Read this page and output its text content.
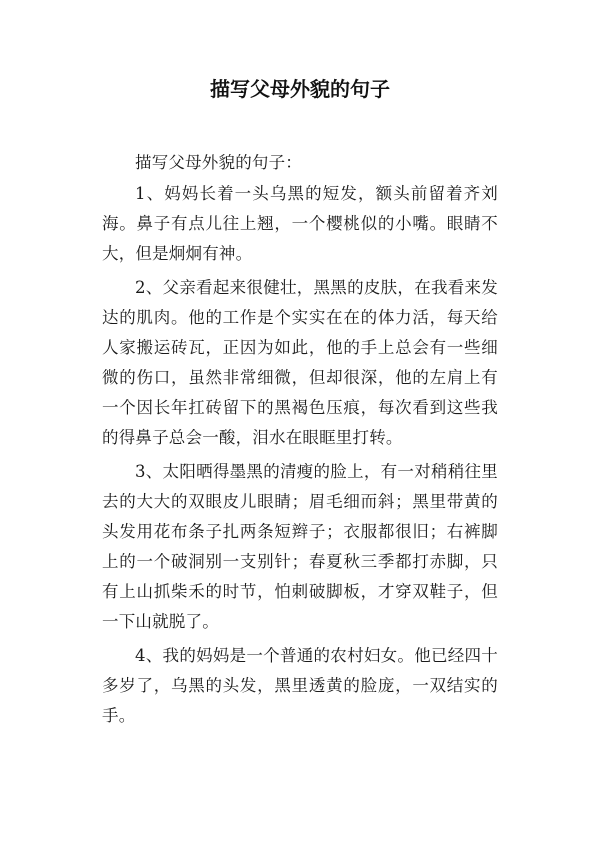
描写父母外貌的句子

描写父母外貌的句子：

1、妈妈长着一头乌黑的短发，额头前留着齐刘海。鼻子有点儿往上翘，一个樱桃似的小嘴。眼睛不大，但是炯炯有神。

2、父亲看起来很健壮，黑黑的皮肤，在我看来发达的肌肉。他的工作是个实实在在的体力活，每天给人家搬运砖瓦，正因为如此，他的手上总会有一些细微的伤口，虽然非常细微，但却很深，他的左肩上有一个因长年扛砖留下的黑褐色压痕，每次看到这些我的得鼻子总会一酸，泪水在眼眶里打转。

3、太阳晒得墨黑的清瘦的脸上，有一对稍稍往里去的大大的双眼皮儿眼睛；眉毛细而斜；黑里带黄的头发用花布条子扎两条短辫子；衣服都很旧；右裤脚上的一个破洞别一支别针；春夏秋三季都打赤脚，只有上山抓柴禾的时节，怕刺破脚板，才穿双鞋子，但一下山就脱了。

4、我的妈妈是一个普通的农村妇女。他已经四十多岁了，乌黑的头发，黑里透黄的脸庞，一双结实的手。
